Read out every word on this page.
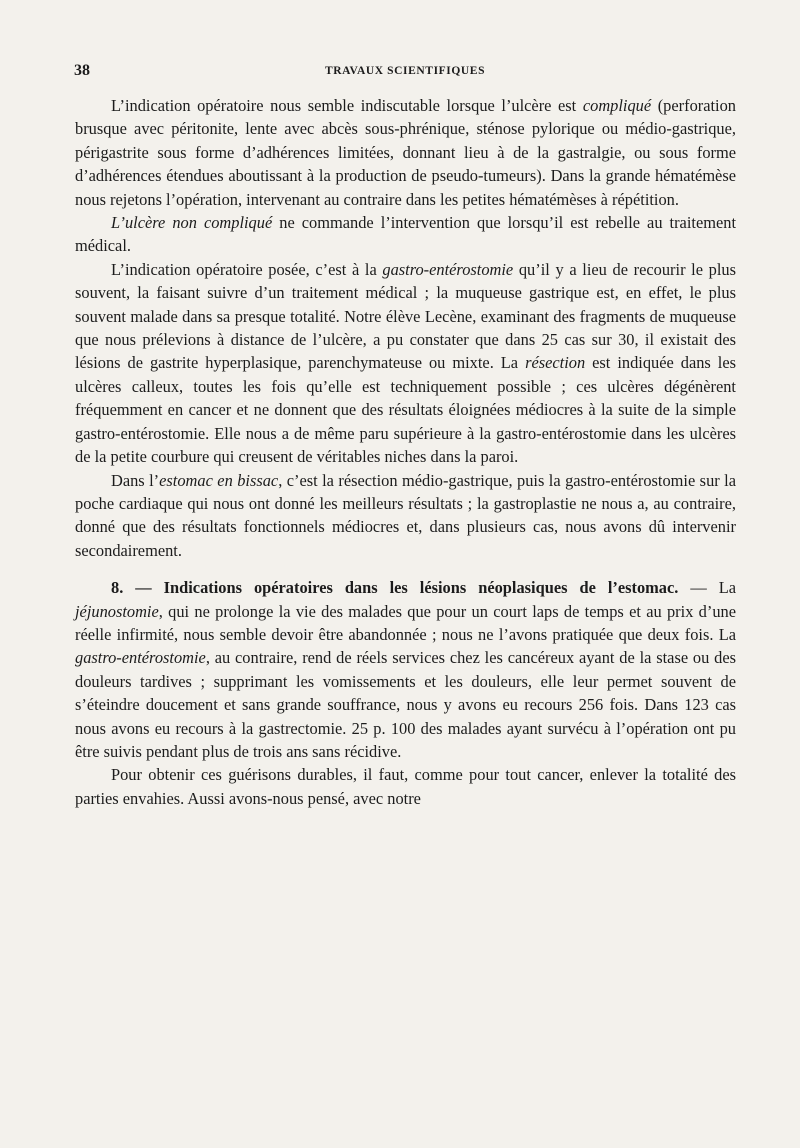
38	TRAVAUX SCIENTIFIQUES

L’indication opératoire nous semble indiscutable lorsque l’ulcère est compliqué (perforation brusque avec péritonite, lente avec abcès sous-phrénique, sténose pylorique ou médio-gastrique, périgastrite sous forme d’adhérences limitées, donnant lieu à de la gastralgie, ou sous forme d’adhérences étendues aboutissant à la production de pseudo-tumeurs). Dans la grande hématémèse nous rejetons l’opération, intervenant au contraire dans les petites hématémèses à répétition.

L’ulcère non compliqué ne commande l’intervention que lorsqu’il est rebelle au traitement médical.

L’indication opératoire posée, c’est à la gastro-entérostomie qu’il y a lieu de recourir le plus souvent, la faisant suivre d’un traitement médical ; la muqueuse gastrique est, en effet, le plus souvent malade dans sa presque totalité. Notre élève Lecène, examinant des fragments de muqueuse que nous prélevions à distance de l’ulcère, a pu constater que dans 25 cas sur 30, il existait des lésions de gastrite hyperplasique, parenchymateuse ou mixte. La résection est indiquée dans les ulcères calleux, toutes les fois qu’elle est techniquement possible ; ces ulcères dégénèrent fréquemment en cancer et ne donnent que des résultats éloignées médiocres à la suite de la simple gastro-entérostomie. Elle nous a de même paru supérieure à la gastro-entérostomie dans les ulcères de la petite courbure qui creusent de véritables niches dans la paroi.

Dans l’estomac en bissac, c’est la résection médio-gastrique, puis la gastro-entérostomie sur la poche cardiaque qui nous ont donné les meilleurs résultats ; la gastroplastie ne nous a, au contraire, donné que des résultats fonctionnels médiocres et, dans plusieurs cas, nous avons dû intervenir secondairement.

8. — Indications opératoires dans les lésions néoplasiques de l’estomac. — La jéjunostomie, qui ne prolonge la vie des malades que pour un court laps de temps et au prix d’une réelle infirmité, nous semble devoir être abandonnée ; nous ne l’avons pratiquée que deux fois. La gastro-entérostomie, au contraire, rend de réels services chez les cancéreux ayant de la stase ou des douleurs tardives ; supprimant les vomissements et les douleurs, elle leur permet souvent de s’éteindre doucement et sans grande souffrance, nous y avons eu recours 256 fois. Dans 123 cas nous avons eu recours à la gastrectomie. 25 p. 100 des malades ayant survécu à l’opération ont pu être suivis pendant plus de trois ans sans récidive.

Pour obtenir ces guérisons durables, il faut, comme pour tout cancer, enlever la totalité des parties envahies. Aussi avons-nous pensé, avec notre
